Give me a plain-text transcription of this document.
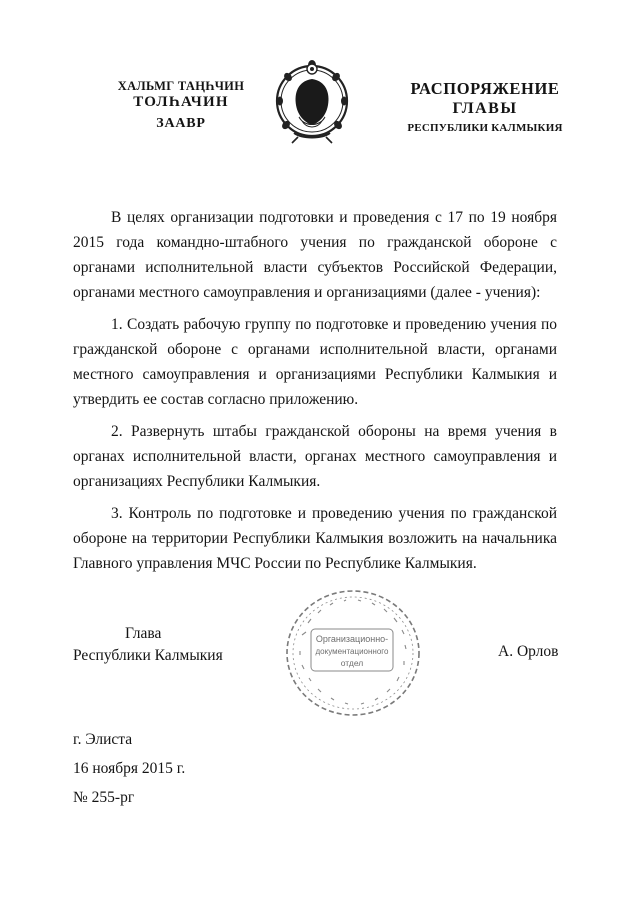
ХАЛЬМГ ТАҢҺЧИН
ТОЛҺАЧИН
ЗААВР
РАСПОРЯЖЕНИЕ
ГЛАВЫ
РЕСПУБЛИКИ КАЛМЫКИЯ

В целях организации подготовки и проведения с 17 по 19 ноября 2015 года командно-штабного учения по гражданской обороне с органами исполнительной власти субъектов Российской Федерации, органами местного самоуправления и организациями (далее - учения):

1. Создать рабочую группу по подготовке и проведению учения по гражданской обороне с органами исполнительной власти, органами местного самоуправления и организациями Республики Калмыкия и утвердить ее состав согласно приложению.

2. Развернуть штабы гражданской обороны на время учения в органах исполнительной власти, органах местного самоуправления и организациях Республики Калмыкия.

3. Контроль по подготовке и проведению учения по гражданской обороне на территории Республики Калмыкия возложить на начальника Главного управления МЧС России по Республике Калмыкия.

Глава
Республики Калмыкия
Организационно-
документационного
отдел
А. Орлов
г. Элиста
16 ноября 2015 г.
№ 255-рг
